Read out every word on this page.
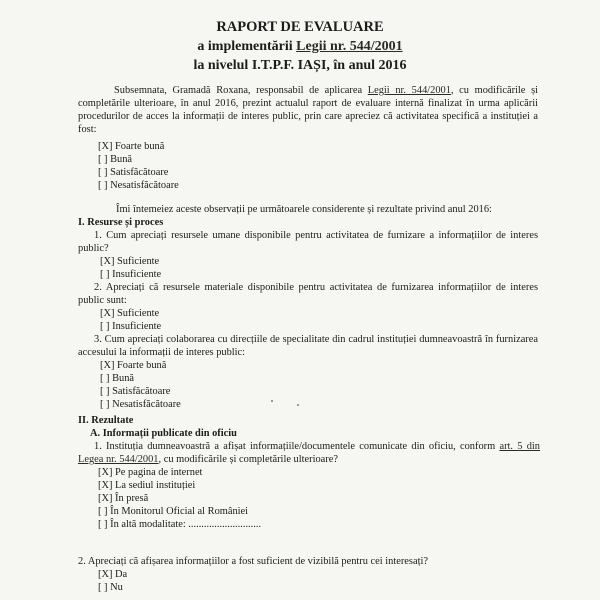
RAPORT DE EVALUARE
a implementării Legii nr. 544/2001
la nivelul I.T.P.F. IAȘI, în anul 2016
Subsemnata, Gramadă Roxana, responsabil de aplicarea Legii nr. 544/2001, cu modificările și completările ulterioare, în anul 2016, prezint actualul raport de evaluare internă finalizat în urma aplicării procedurilor de acces la informații de interes public, prin care apreciez că activitatea specifică a instituției a fost:
[X] Foarte bună
[ ] Bună
[ ] Satisfăcătoare
[ ] Nesatisfăcătoare
Îmi întemeiez aceste observații pe următoarele considerente și rezultate privind anul 2016:
I. Resurse și proces
1. Cum apreciați resursele umane disponibile pentru activitatea de furnizare a informațiilor de interes public?
[X] Suficiente
[ ] Insuficiente
2. Apreciați că resursele materiale disponibile pentru activitatea de furnizarea informațiilor de interes public sunt:
[X] Suficiente
[ ] Insuficiente
3. Cum apreciați colaborarea cu direcțiile de specialitate din cadrul instituției dumneavoastră în furnizarea accesului la informații de interes public:
[X] Foarte bună
[ ] Bună
[ ] Satisfăcătoare
[ ] Nesatisfăcătoare
II. Rezultate
A. Informații publicate din oficiu
1. Instituția dumneavoastră a afișat informațiile/documentele comunicate din oficiu, conform art. 5 din Legea nr. 544/2001, cu modificările și completările ulterioare?
[X] Pe pagina de internet
[X] La sediul instituției
[X] În presă
[ ] În Monitorul Oficial al României
[ ] În altă modalitate: ............................
2. Apreciați că afișarea informațiilor a fost suficient de vizibilă pentru cei interesați?
[X] Da
[ ] Nu
